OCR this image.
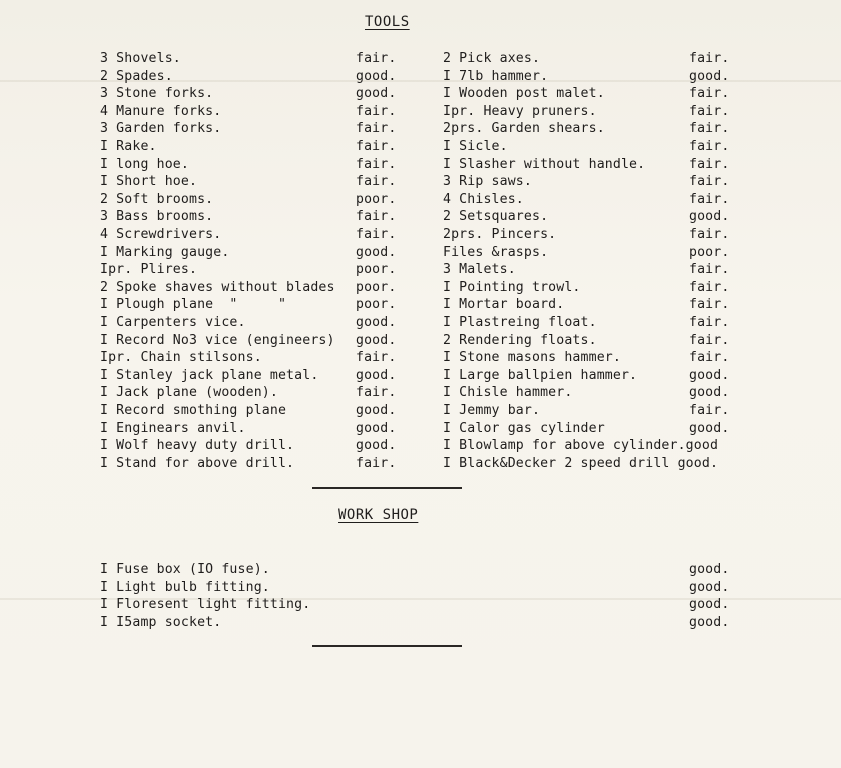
TOOLS
3 Shovels.	fair.	2 Pick axes.	fair.
2 Spades.	good.	I 7lb hammer.	good.
3 Stone forks.	good.	I Wooden post malet.	fair.
4 Manure forks.	fair.	Ipr. Heavy pruners.	fair.
3 Garden forks.	fair.	2prs. Garden shears.	fair.
I Rake.	fair.	I Sicle.	fair.
I long hoe.	fair.	I Slasher without handle.	fair.
I Short hoe.	fair.	3 Rip saws.	fair.
2 Soft brooms.	poor.	4 Chisles.	fair.
3 Bass brooms.	fair.	2 Setsquares.	good.
4 Screwdrivers.	fair.	2prs. Pincers.	fair.
I Marking gauge.	good.	Files &rasps.	poor.
Ipr. Plires.	poor.	3 Malets.	fair.
2 Spoke shaves without blades poor.	I Pointing trowl.	fair.
I Plough plane  "     "	poor.	I Mortar board.	fair.
I Carpenters vice.	good.	I Plastreing float.	fair.
I Record No3 vice (engineers) good.	2 Rendering floats.	fair.
Ipr. Chain stilsons.	fair.	I Stone masons hammer.	fair.
I Stanley jack plane metal.	good.	I Large ballpien hammer.	good.
I Jack plane (wooden).	fair.	I Chisle hammer.	good.
I Record smothing plane	good.	I Jemmy bar.	fair.
I Enginears anvil.	good.	I Calor gas cylinder	good.
I Wolf heavy duty drill.	good.	I Blowlamp for above cylinder.good
I Stand for above drill.	fair.	I Black&Decker 2 speed drill good.
WORK SHOP
I Fuse box (IO fuse).	good.
I Light bulb fitting.	good.
I Floresent light fitting.	good.
I I5amp socket.	good.
